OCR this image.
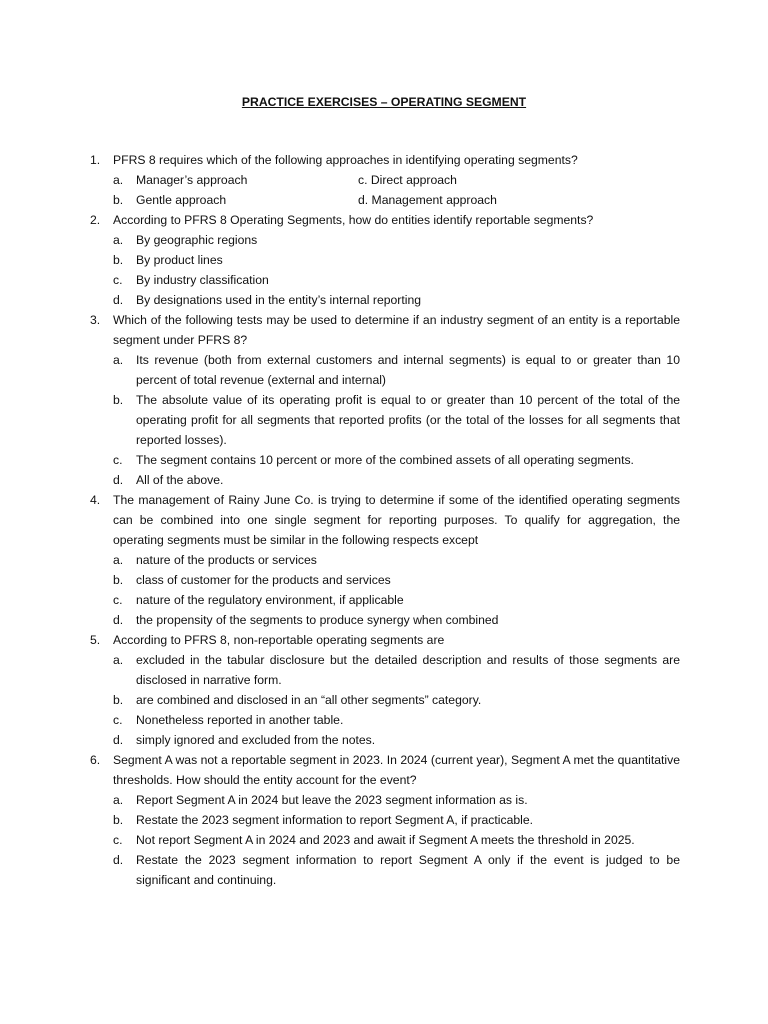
PRACTICE EXERCISES – OPERATING SEGMENT
1. PFRS 8 requires which of the following approaches in identifying operating segments?
a. Manager’s approach	c. Direct approach
b. Gentle approach	d. Management approach
2. According to PFRS 8 Operating Segments, how do entities identify reportable segments?
a. By geographic regions
b. By product lines
c. By industry classification
d. By designations used in the entity’s internal reporting
3. Which of the following tests may be used to determine if an industry segment of an entity is a reportable segment under PFRS 8?
a. Its revenue (both from external customers and internal segments) is equal to or greater than 10 percent of total revenue (external and internal)
b. The absolute value of its operating profit is equal to or greater than 10 percent of the total of the operating profit for all segments that reported profits (or the total of the losses for all segments that reported losses).
c. The segment contains 10 percent or more of the combined assets of all operating segments.
d. All of the above.
4. The management of Rainy June Co. is trying to determine if some of the identified operating segments can be combined into one single segment for reporting purposes. To qualify for aggregation, the operating segments must be similar in the following respects except
a. nature of the products or services
b. class of customer for the products and services
c. nature of the regulatory environment, if applicable
d. the propensity of the segments to produce synergy when combined
5. According to PFRS 8, non-reportable operating segments are
a. excluded in the tabular disclosure but the detailed description and results of those segments are disclosed in narrative form.
b. are combined and disclosed in an “all other segments” category.
c. Nonetheless reported in another table.
d. simply ignored and excluded from the notes.
6. Segment A was not a reportable segment in 2023. In 2024 (current year), Segment A met the quantitative thresholds. How should the entity account for the event?
a. Report Segment A in 2024 but leave the 2023 segment information as is.
b. Restate the 2023 segment information to report Segment A, if practicable.
c. Not report Segment A in 2024 and 2023 and await if Segment A meets the threshold in 2025.
d. Restate the 2023 segment information to report Segment A only if the event is judged to be significant and continuing.
